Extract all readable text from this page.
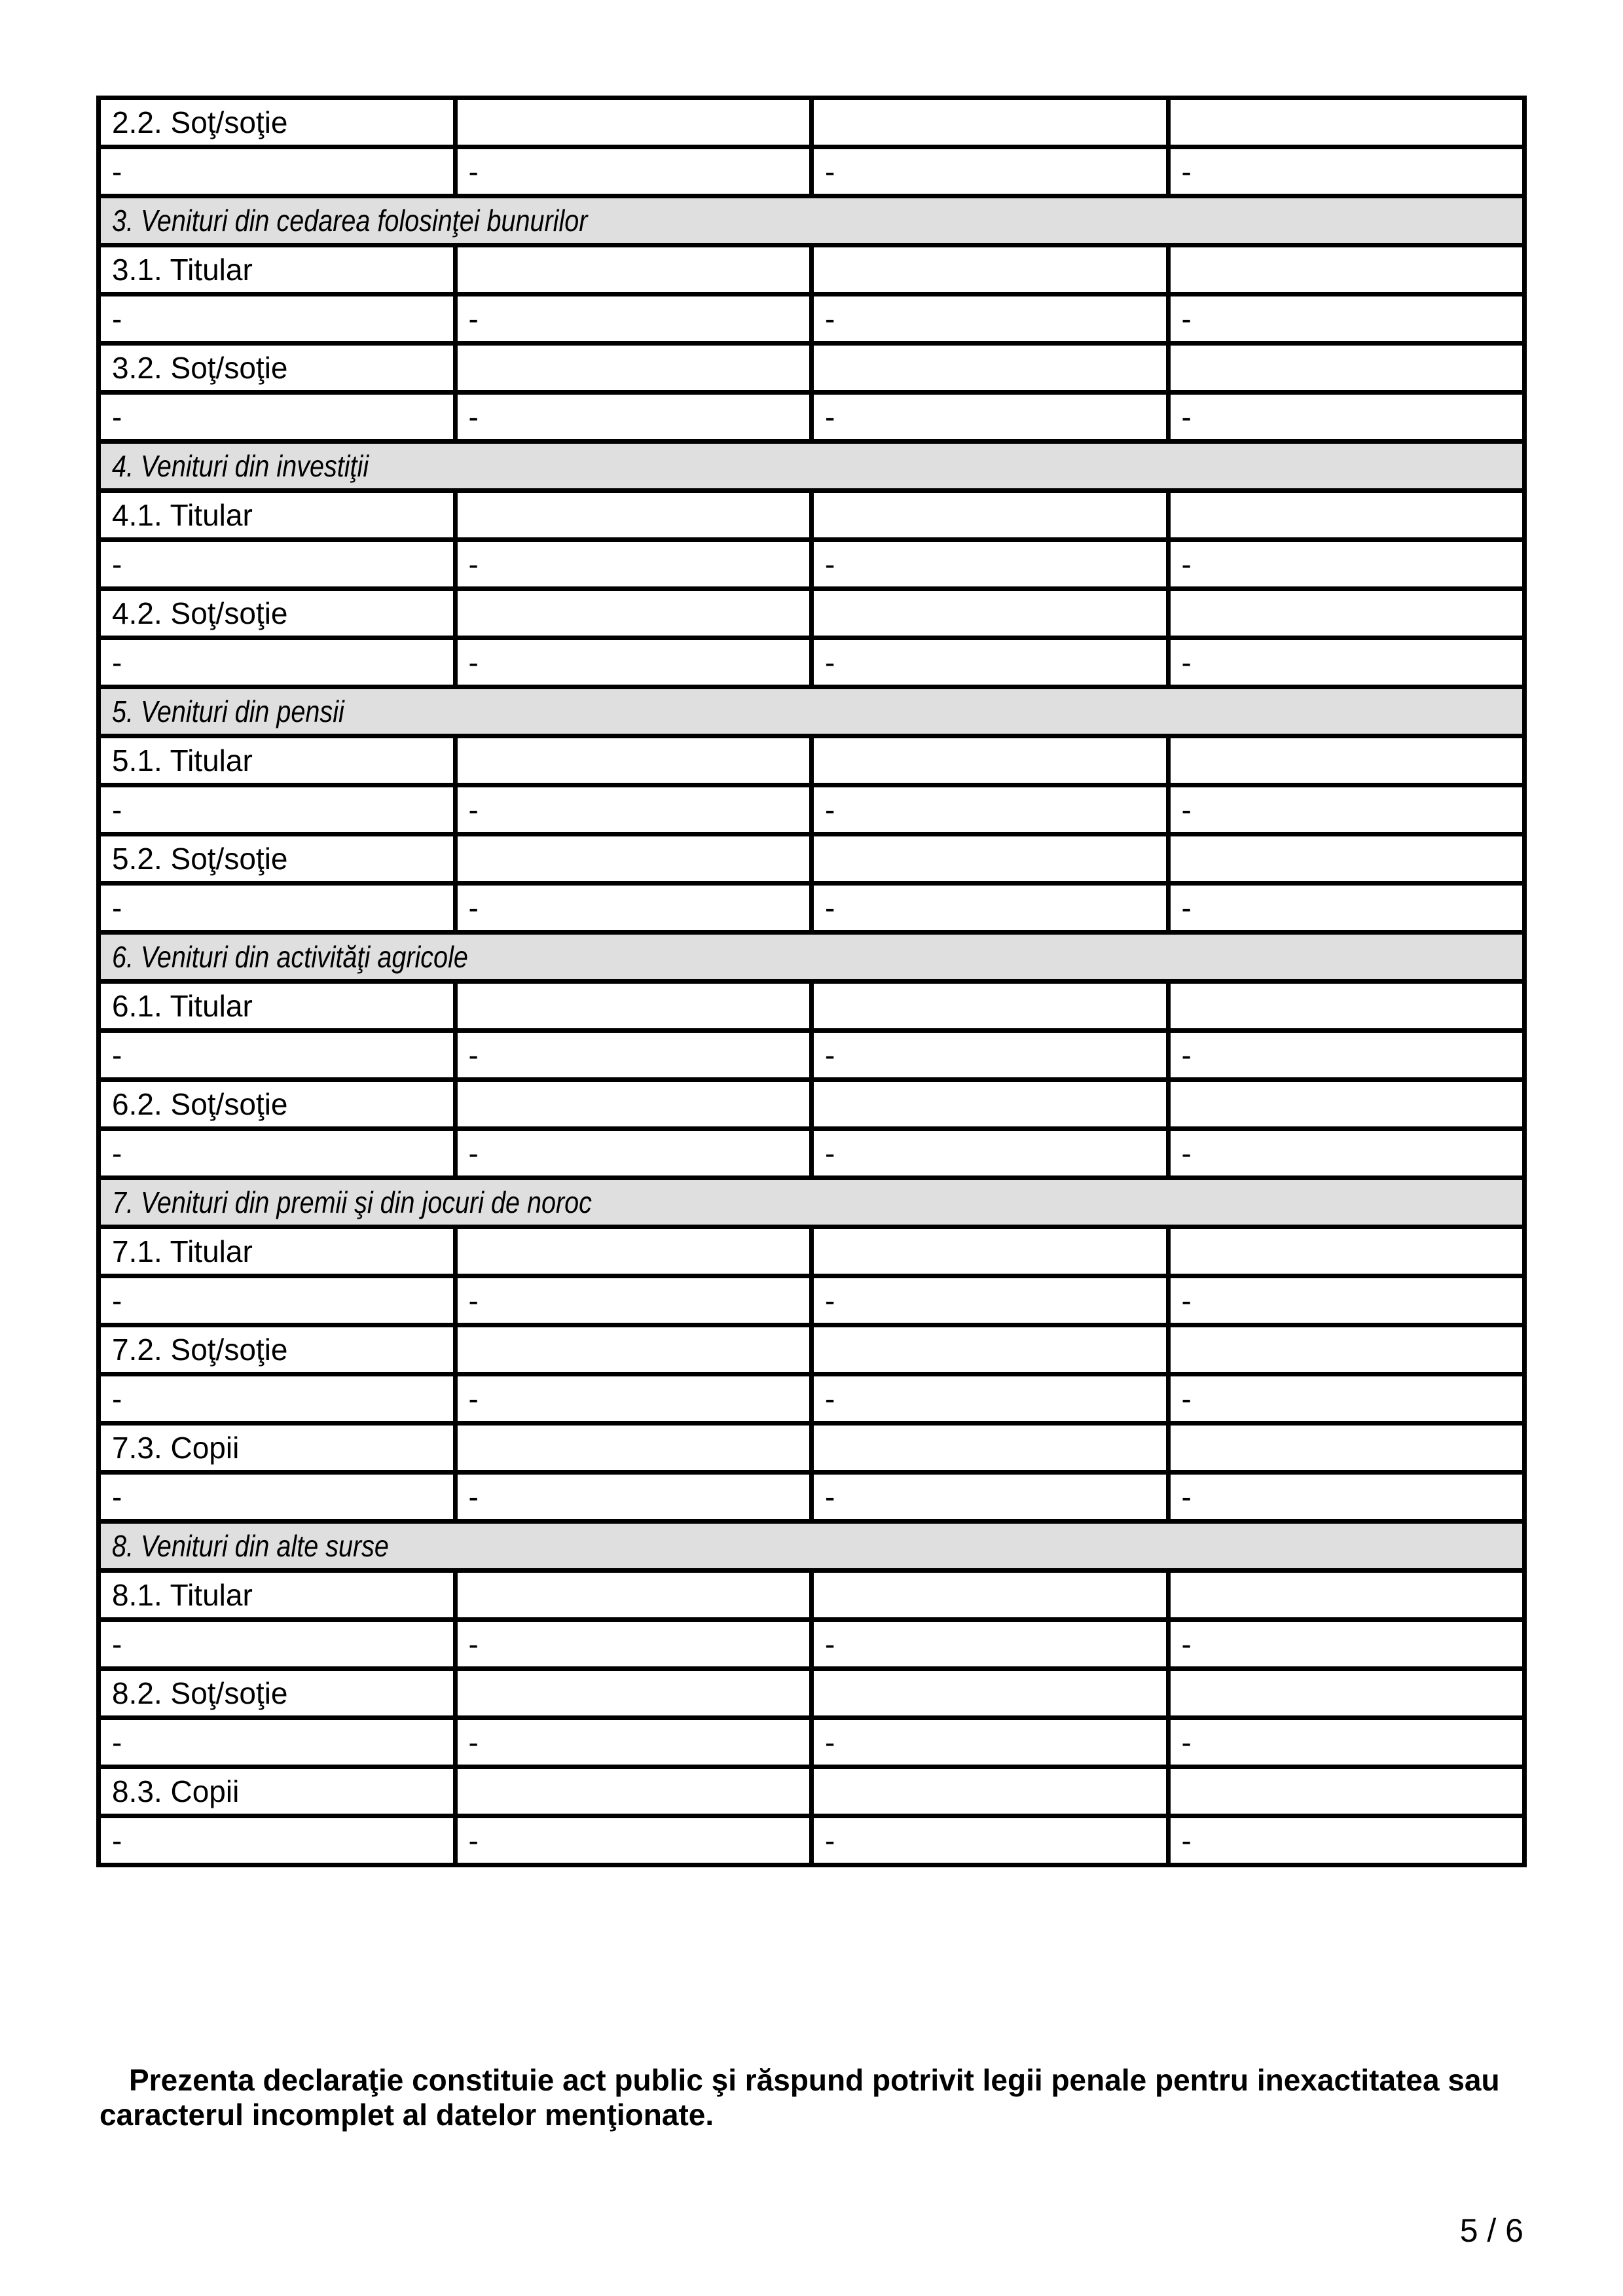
2.2. Soţ/soţie			
-	-	-	-
3. Venituri din cedarea folosinţei bunurilor			
3.1. Titular			
-	-	-	-
3.2. Soţ/soţie			
-	-	-	-
4. Venituri din investiţii			
4.1. Titular			
-	-	-	-
4.2. Soţ/soţie			
-	-	-	-
5. Venituri din pensii			
5.1. Titular			
-	-	-	-
5.2. Soţ/soţie			
-	-	-	-
6. Venituri din activităţi agricole			
6.1. Titular			
-	-	-	-
6.2. Soţ/soţie			
-	-	-	-
7. Venituri din premii şi din jocuri de noroc			
7.1. Titular			
-	-	-	-
7.2. Soţ/soţie			
-	-	-	-
7.3. Copii			
-	-	-	-
8. Venituri din alte surse			
8.1. Titular			
-	-	-	-
8.2. Soţ/soţie			
-	-	-	-
8.3. Copii			
-	-	-	-

Prezenta declaraţie constituie act public şi răspund potrivit legii penale pentru inexactitatea sau
caracterul incomplet al datelor menţionate.

5 / 6
